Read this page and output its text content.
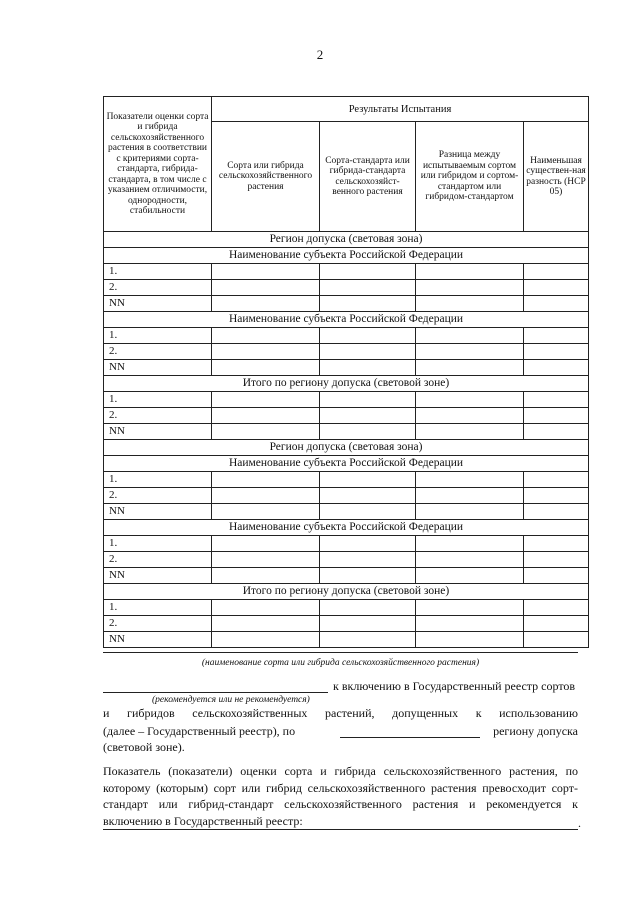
2
Показатели оценки сорта и гибрида сельскохозяйственного растения в соответствии с критериями сорта-стандарта, гибрида-стандарта, в том числе с указанием отличимости, однородности, стабильности	Результаты Испытания			
	Сорта или гибрида сельскохозяйственного растения	Сорта-стандарта или гибрида-стандарта сельскохозяйст-венного растения	Разница между испытываемым сортом или гибридом и сортом-стандартом или гибридом-стандартом	Наименьшая существен-ная разность (НСР 05)
Регион допуска (световая зона)				
Наименование субъекта Российской Федерации				
1.				
2.				
NN				
Наименование субъекта Российской Федерации				
1.				
2.				
NN				
Итого по региону допуска (световой зоне)				
1.				
2.				
NN				
Регион допуска (световая зона)				
Наименование субъекта Российской Федерации				
1.				
2.				
NN				
Наименование субъекта Российской Федерации				
1.				
2.				
NN				
Итого по региону допуска (световой зоне)				
1.				
2.				
NN				
(наименование сорта или гибрида сельскохозяйственного растения)
к включению в Государственный реестр сортов
(рекомендуется или не рекомендуется)
и гибридов сельскохозяйственных растений, допущенных к использованию
(далее – Государственный реестр), по	региону допуска
(световой зоне).
Показатель (показатели) оценки сорта и гибрида сельскохозяйственного растения, по которому (которым) сорт или гибрид сельскохозяйственного растения превосходит сорт-стандарт или гибрид-стандарт сельскохозяйственного растения и рекомендуется к включению в Государственный реестр:	.
